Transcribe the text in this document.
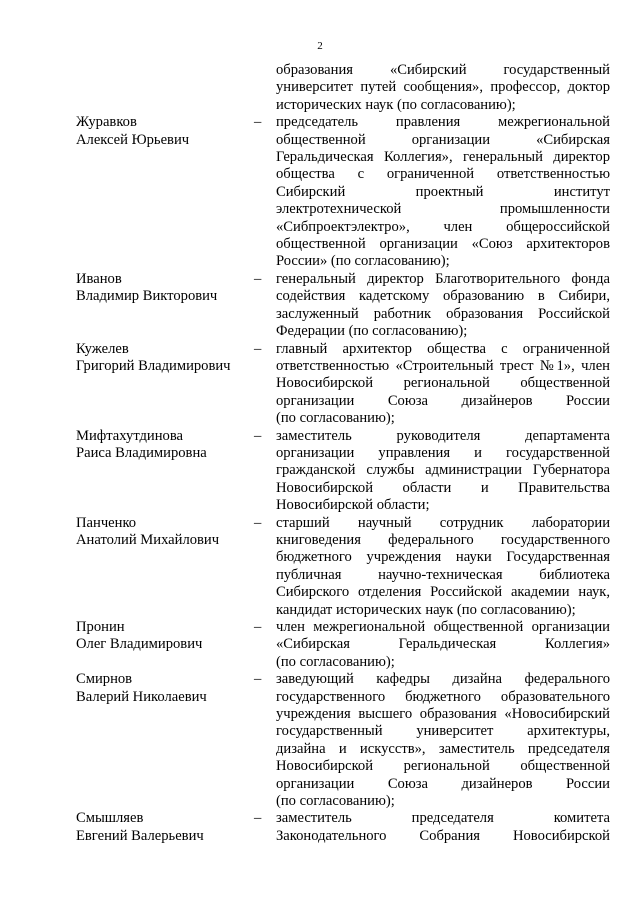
2
образования «Сибирский государственный
университет путей сообщения», профессор, доктор
исторических наук (по согласованию);
Журавков
Алексей Юрьевич
– председатель правления межрегиональной
общественной организации «Сибирская
Геральдическая Коллегия», генеральный директор
общества с ограниченной ответственностью
Сибирский проектный институт
электротехнической промышленности
«Сибпроектэлектро», член общероссийской
общественной организации «Союз архитекторов
России» (по согласованию);
Иванов
Владимир Викторович
– генеральный директор Благотворительного фонда
содействия кадетскому образованию в Сибири,
заслуженный работник образования Российской
Федерации (по согласованию);
Кужелев
Григорий Владимирович
– главный архитектор общества с ограниченной
ответственностью «Строительный трест №1», член
Новосибирской региональной общественной
организации Союза дизайнеров России
(по согласованию);
Мифтахутдинова
Раиса Владимировна
– заместитель руководителя департамента
организации управления и государственной
гражданской службы администрации Губернатора
Новосибирской области и Правительства
Новосибирской области;
Панченко
Анатолий Михайлович
– старший научный сотрудник лаборатории
книговедения федерального государственного
бюджетного учреждения науки Государственная
публичная научно-техническая библиотека
Сибирского отделения Российской академии наук,
кандидат исторических наук (по согласованию);
Пронин
Олег Владимирович
– член межрегиональной общественной организации
«Сибирская Геральдическая Коллегия»
(по согласованию);
Смирнов
Валерий Николаевич
– заведующий кафедры дизайна федерального
государственного бюджетного образовательного
учреждения высшего образования «Новосибирский
государственный университет архитектуры,
дизайна и искусств», заместитель председателя
Новосибирской региональной общественной
организации Союза дизайнеров России
(по согласованию);
Смышляев
Евгений Валерьевич
– заместитель председателя комитета
Законодательного Собрания Новосибирской
